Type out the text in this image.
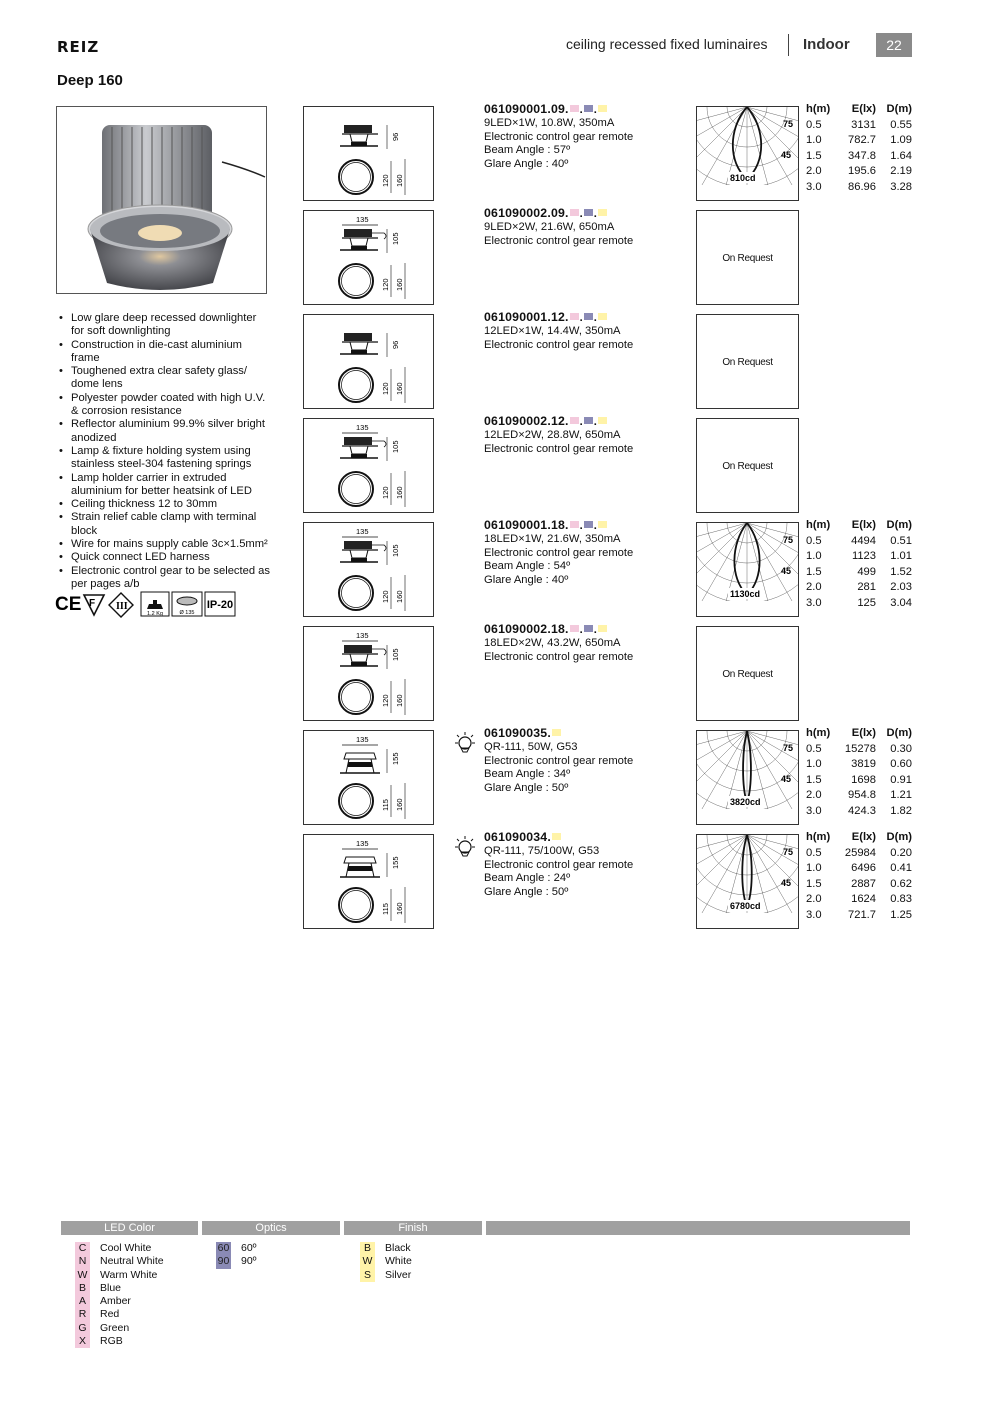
REIZ	ceiling recessed fixed luminaires Indoor	22
Deep 160
• Low glare deep recessed downlighter for soft downlighting
• Construction in die-cast aluminium frame
• Toughened extra clear safety glass/ dome lens
• Polyester powder coated with high U.V. & corrosion resistance
• Reflector aluminium 99.9% silver bright anodized
• Lamp & fixture holding system using stainless steel-304 fastening springs
• Lamp holder carrier in extruded aluminium for better heatsink of LED
• Ceiling thickness 12 to 30mm
• Strain relief cable clamp with terminal block
• Wire for mains supply cable 3c×1.5mm²
• Quick connect LED harness
• Electronic control gear to be selected as per pages a/b
CE F III
1.2 Kg	Ø 135
IP-20
96
120 160
061090001.09. . .
9LED×1W, 10.8W, 350mA
Electronic control gear remote
Beam Angle : 57º
Glare Angle : 40º
75
45
810cd
h(m)	E(lx)	D(m)
0.5	3131	0.55
1.0	782.7	1.09
1.5	347.8	1.64
2.0	195.6	2.19
3.0	86.96	3.28
135
105
120 160
061090002.09. . .
9LED×2W, 21.6W, 650mA
Electronic control gear remote
On Request
96
120 160
061090001.12. . .
12LED×1W, 14.4W, 350mA
Electronic control gear remote
On Request
135
105
120 160
061090002.12. . .
12LED×2W, 28.8W, 650mA
Electronic control gear remote
On Request
135
105
120 160
061090001.18. . .
18LED×1W, 21.6W, 350mA
Electronic control gear remote
Beam Angle : 54º
Glare Angle : 40º
75
45
1130cd
h(m)	E(lx)	D(m)
0.5	4494	0.51
1.0	1123	1.01
1.5	499	1.52
2.0	281	2.03
3.0	125	3.04
135
105
120 160
061090002.18. . .
18LED×2W, 43.2W, 650mA
Electronic control gear remote
On Request
135
155
115 160
061090035.
QR-111, 50W, G53
Electronic control gear remote
Beam Angle : 34º
Glare Angle : 50º
75
45
3820cd
h(m)	E(lx)	D(m)
0.5	15278	0.30
1.0	3819	0.60
1.5	1698	0.91
2.0	954.8	1.21
3.0	424.3	1.82
135
155
115 160
061090034.
QR-111, 75/100W, G53
Electronic control gear remote
Beam Angle : 24º
Glare Angle : 50º
75
45
6780cd
h(m)	E(lx)	D(m)
0.5	25984	0.20
1.0	6496	0.41
1.5	2887	0.62
2.0	1624	0.83
3.0	721.7	1.25
LED Color	Optics	Finish
C Cool White
N Neutral White
W Warm White
B Blue
A Amber
R Red
G Green
X RGB
60 60º
90 90º
B Black
W White
S Silver
